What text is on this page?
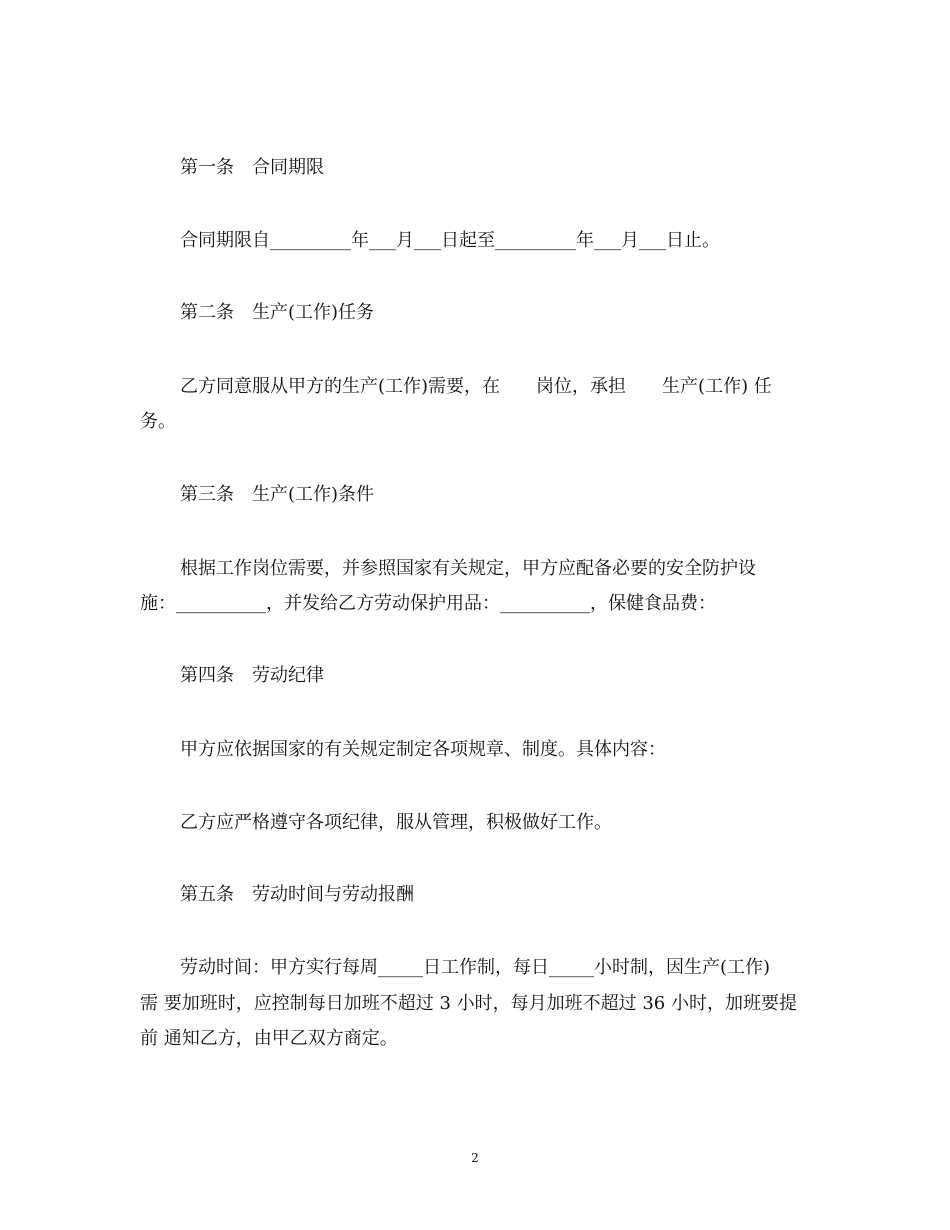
第一条　合同期限
合同期限自_________年___月___日起至_________年___月___日止。
第二条　生产(工作)任务
乙方同意服从甲方的生产(工作)需要，在　　岗位，承担　　生产(工作) 任
务。
第三条　生产(工作)条件
根据工作岗位需要，并参照国家有关规定，甲方应配备必要的安全防护设
施：__________，并发给乙方劳动保护用品：__________，保健食品费：
第四条　劳动纪律
甲方应依据国家的有关规定制定各项规章、制度。具体内容：
乙方应严格遵守各项纪律，服从管理，积极做好工作。
第五条　劳动时间与劳动报酬
劳动时间：甲方实行每周_____日工作制，每日_____小时制，因生产(工作)
需 要加班时，应控制每日加班不超过 3 小时，每月加班不超过 36 小时，加班要提
前 通知乙方，由甲乙双方商定。
2
